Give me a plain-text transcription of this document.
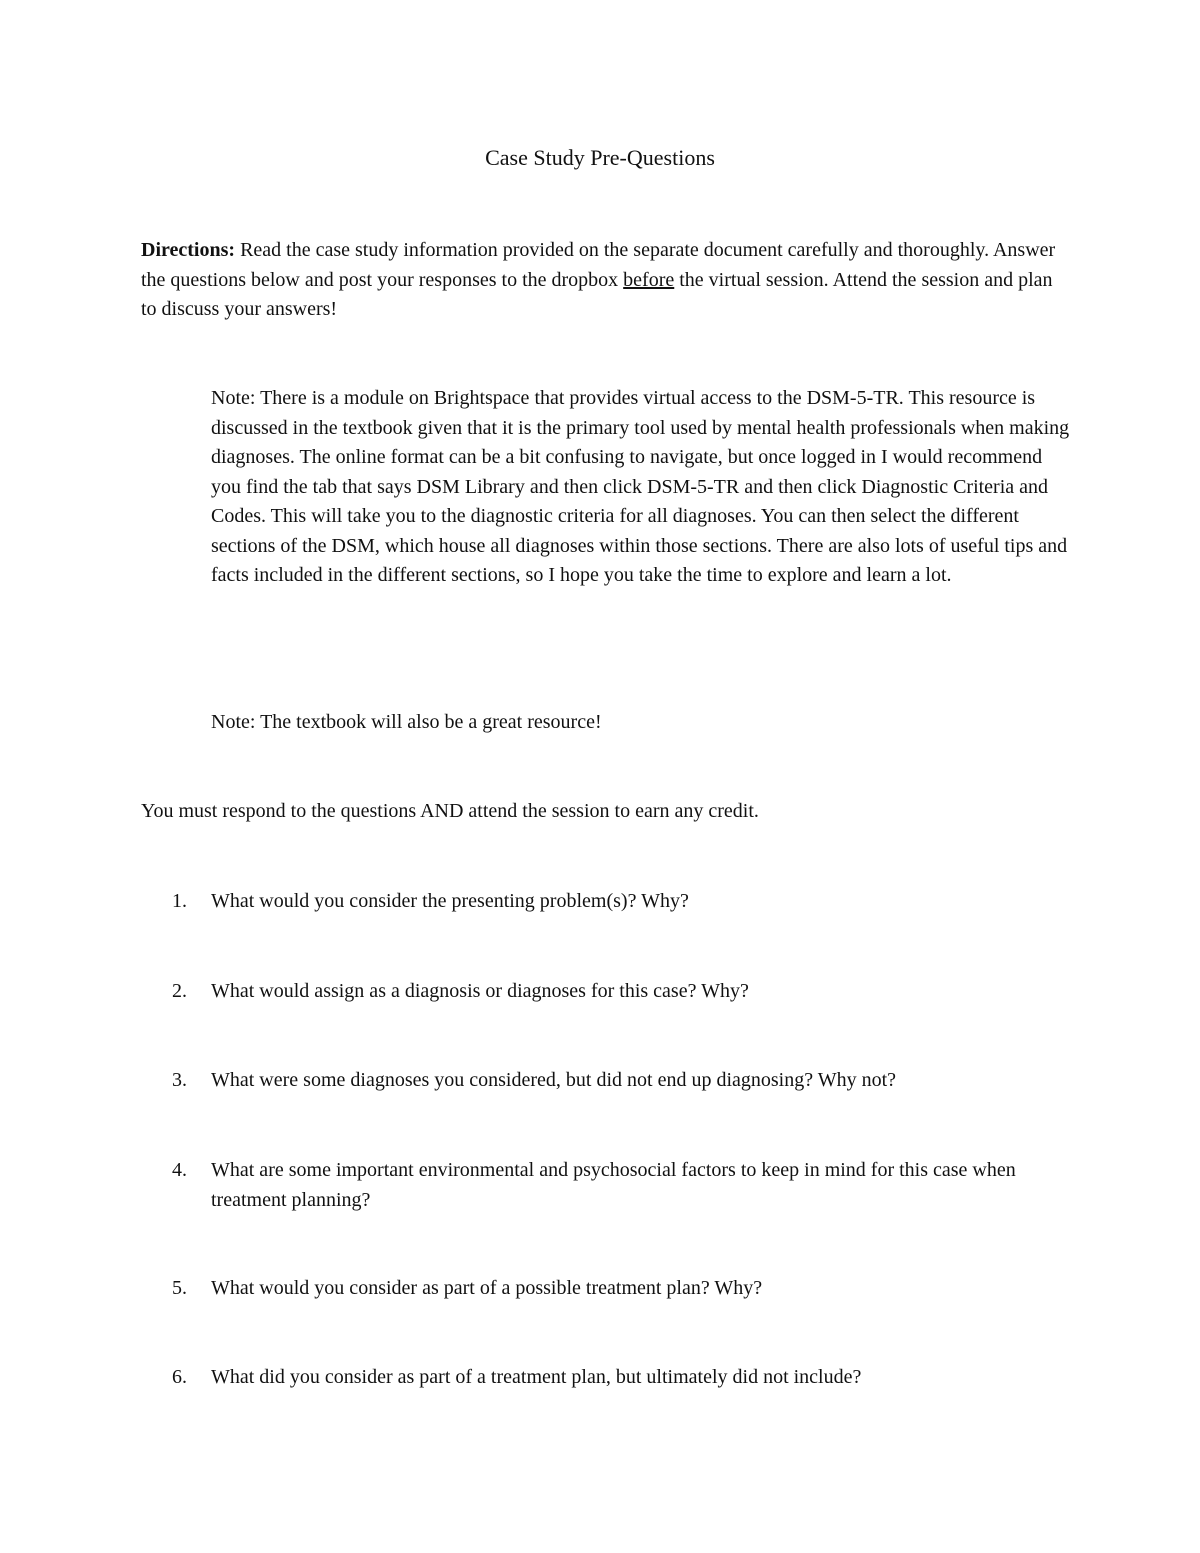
Case Study Pre-Questions
Directions: Read the case study information provided on the separate document carefully and thoroughly. Answer the questions below and post your responses to the dropbox before the virtual session. Attend the session and plan to discuss your answers!
Note: There is a module on Brightspace that provides virtual access to the DSM-5-TR. This resource is discussed in the textbook given that it is the primary tool used by mental health professionals when making diagnoses. The online format can be a bit confusing to navigate, but once logged in I would recommend you find the tab that says DSM Library and then click DSM-5-TR and then click Diagnostic Criteria and Codes. This will take you to the diagnostic criteria for all diagnoses. You can then select the different sections of the DSM, which house all diagnoses within those sections. There are also lots of useful tips and facts included in the different sections, so I hope you take the time to explore and learn a lot.
Note: The textbook will also be a great resource!
You must respond to the questions AND attend the session to earn any credit.
1.	What would you consider the presenting problem(s)? Why?
2.	What would assign as a diagnosis or diagnoses for this case? Why?
3.	What were some diagnoses you considered, but did not end up diagnosing? Why not?
4.	What are some important environmental and psychosocial factors to keep in mind for this case when treatment planning?
5.	What would you consider as part of a possible treatment plan? Why?
6.	What did you consider as part of a treatment plan, but ultimately did not include?
